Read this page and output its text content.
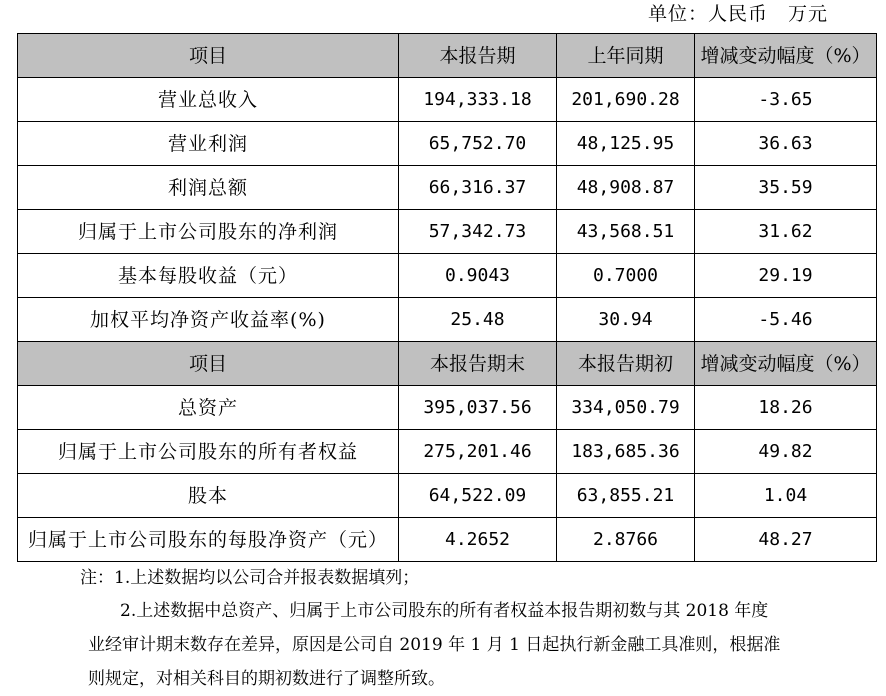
单位：人民币　万元
项目	本报告期	上年同期	增减变动幅度（%）
营业总收入	194,333.18	201,690.28	-3.65
营业利润	65,752.70	48,125.95	36.63
利润总额	66,316.37	48,908.87	35.59
归属于上市公司股东的净利润	57,342.73	43,568.51	31.62
基本每股收益（元）	0.9043	0.7000	29.19
加权平均净资产收益率(%)	25.48	30.94	-5.46
项目	本报告期末	本报告期初	增减变动幅度（%）
总资产	395,037.56	334,050.79	18.26
归属于上市公司股东的所有者权益	275,201.46	183,685.36	49.82
股本	64,522.09	63,855.21	1.04
归属于上市公司股东的每股净资产（元）	4.2652	2.8766	48.27
注：1.上述数据均以公司合并报表数据填列；

2.上述数据中总资产、归属于上市公司股东的所有者权益本报告期初数与其 2018 年度

业经审计期末数存在差异，原因是公司自 2019 年 1 月 1 日起执行新金融工具准则，根据准

则规定，对相关科目的期初数进行了调整所致。
